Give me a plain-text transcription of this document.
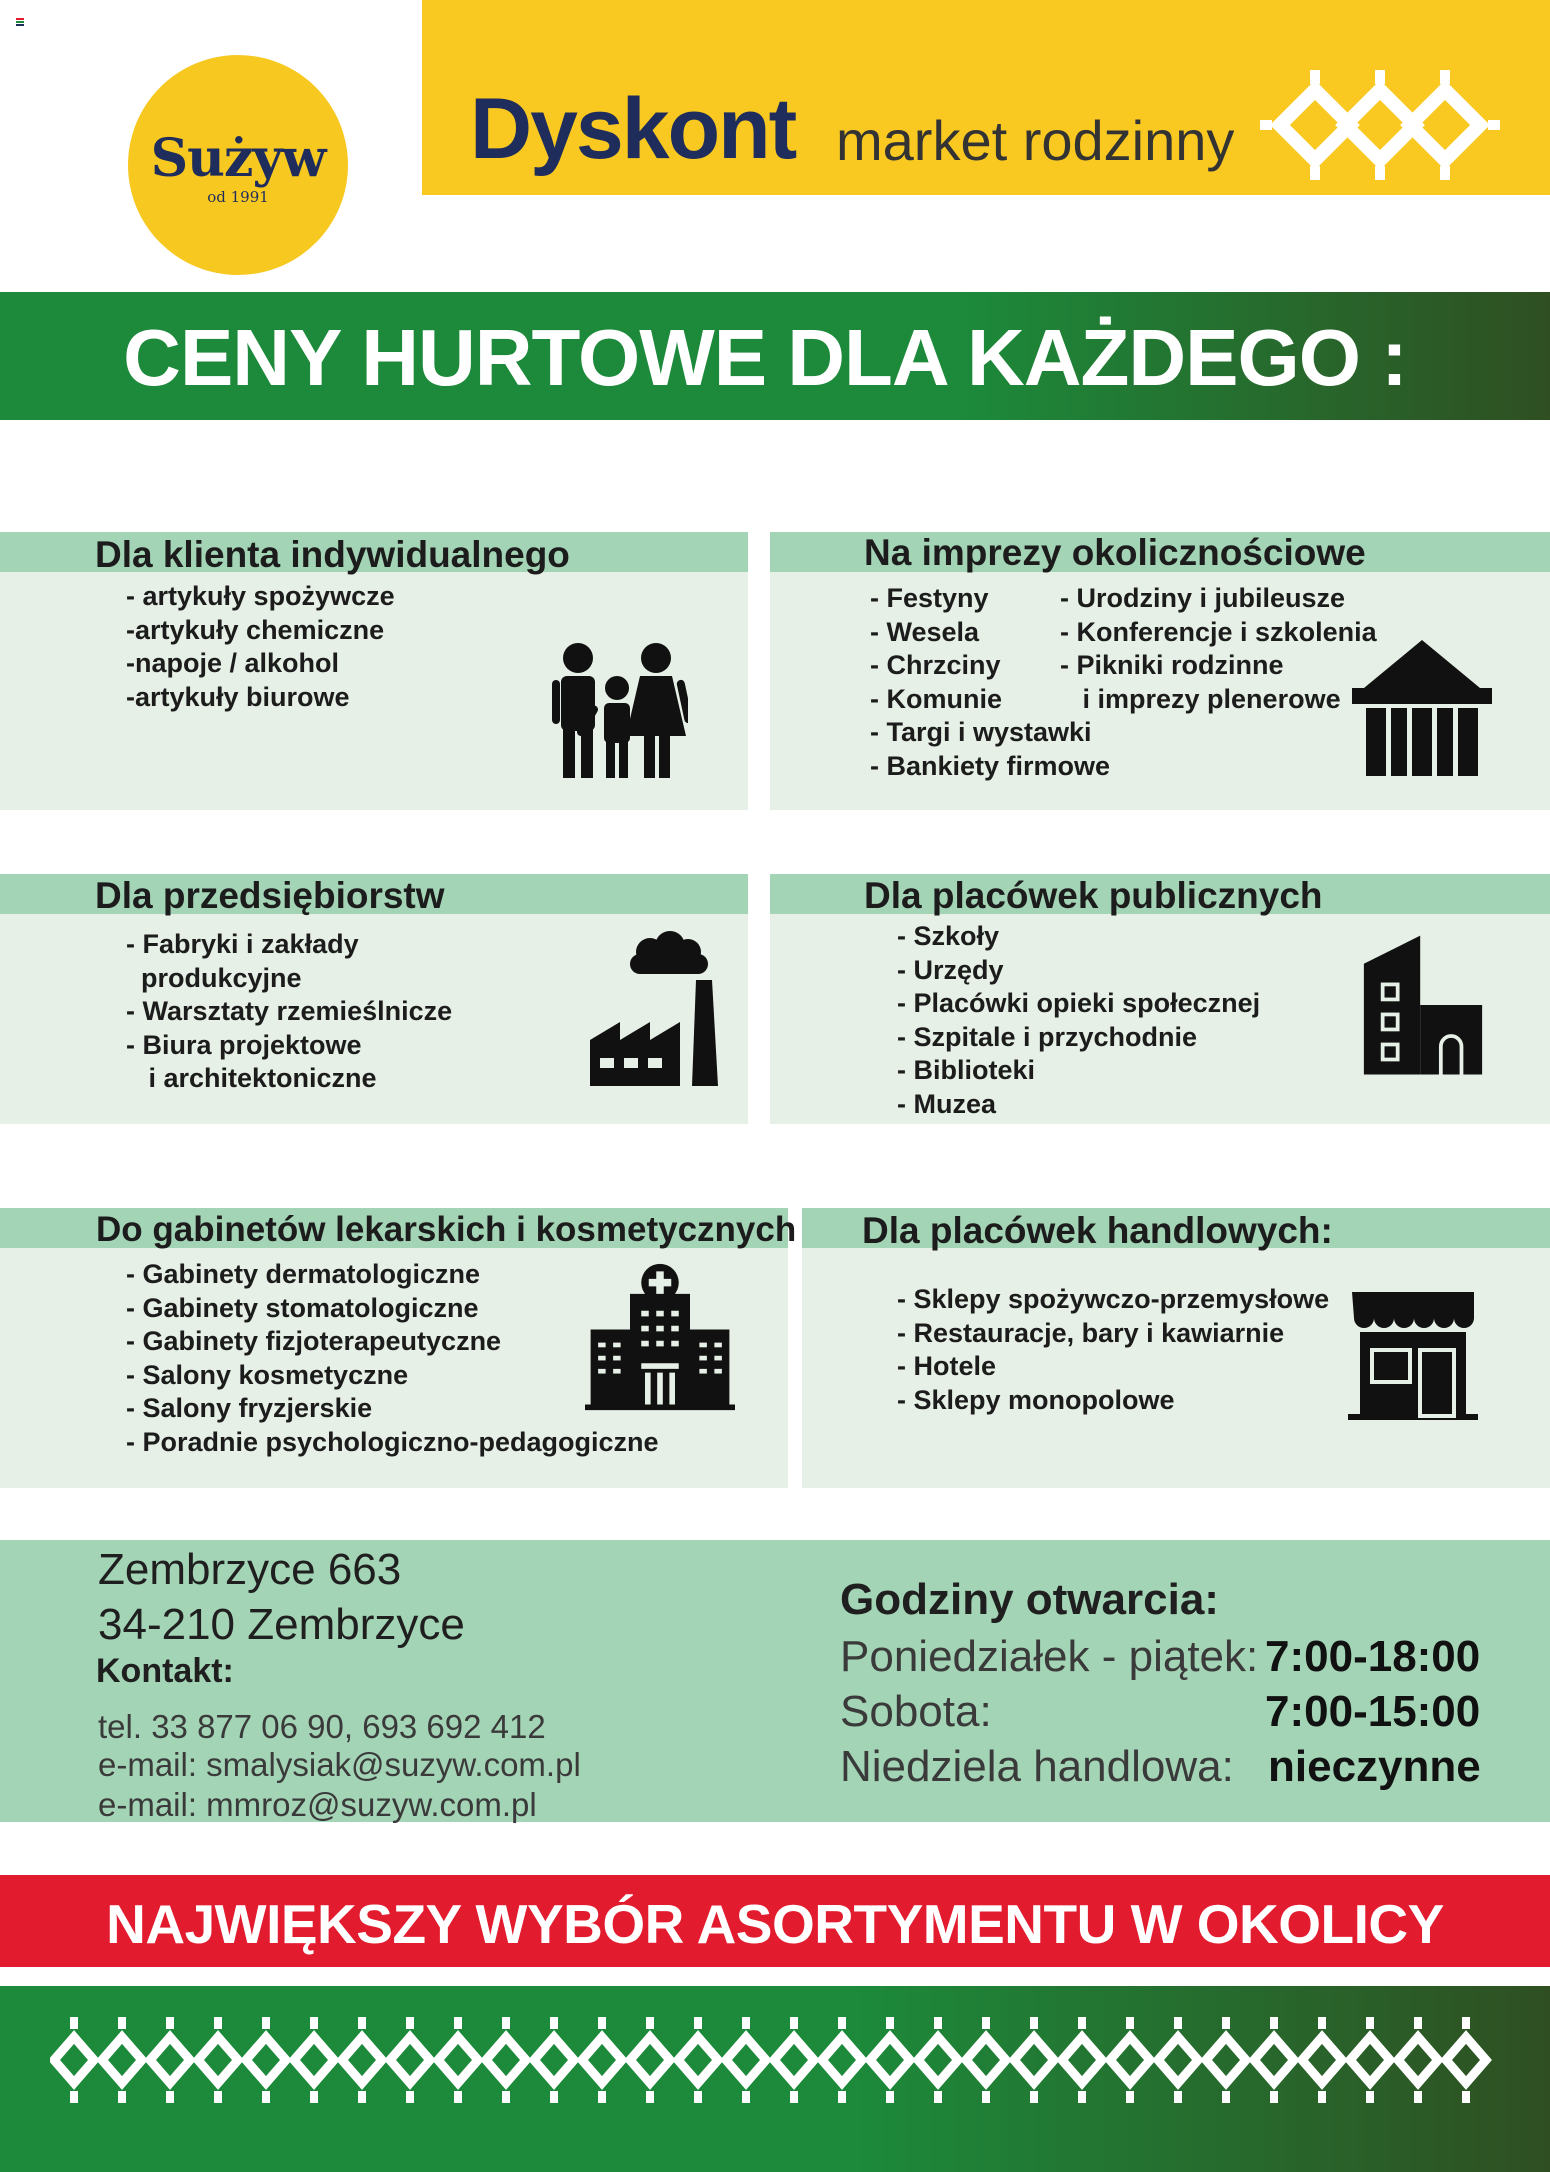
Sużyw
od 1991
Dyskont market rodzinny
CENY HURTOWE DLA KAŻDEGO :
Dla klienta indywidualnego
- artykuły spożywcze
-artykuły chemiczne
-napoje / alkohol
-artykuły biurowe
Na imprezy okolicznościowe
- Festyny
- Wesela
- Chrzciny
- Komunie
- Targi i wystawki
- Bankiety firmowe
- Urodziny i jubileusze
- Konferencje i szkolenia
- Pikniki rodzinne
i imprezy plenerowe
Dla przedsiębiorstw
- Fabryki i zakłady
produkcyjne
- Warsztaty rzemieślnicze
- Biura projektowe
i architektoniczne
Dla placówek publicznych
- Szkoły
- Urzędy
- Placówki opieki społecznej
- Szpitale i przychodnie
- Biblioteki
- Muzea
Do gabinetów lekarskich i kosmetycznych
- Gabinety dermatologiczne
- Gabinety stomatologiczne
- Gabinety fizjoterapeutyczne
- Salony kosmetyczne
- Salony fryzjerskie
- Poradnie psychologiczno-pedagogiczne
Dla placówek handlowych:
- Sklepy spożywczo-przemysłowe
- Restauracje, bary i kawiarnie
- Hotele
- Sklepy monopolowe
Zembrzyce 663
34-210 Zembrzyce
Kontakt:
tel. 33 877 06 90, 693 692 412
e-mail: smalysiak@suzyw.com.pl
e-mail: mmroz@suzyw.com.pl
Godziny otwarcia:
Poniedziałek - piątek: 7:00-18:00
Sobota:	7:00-15:00
Niedziela handlowa: nieczynne
NAJWIĘKSZY WYBÓR ASORTYMENTU W OKOLICY
